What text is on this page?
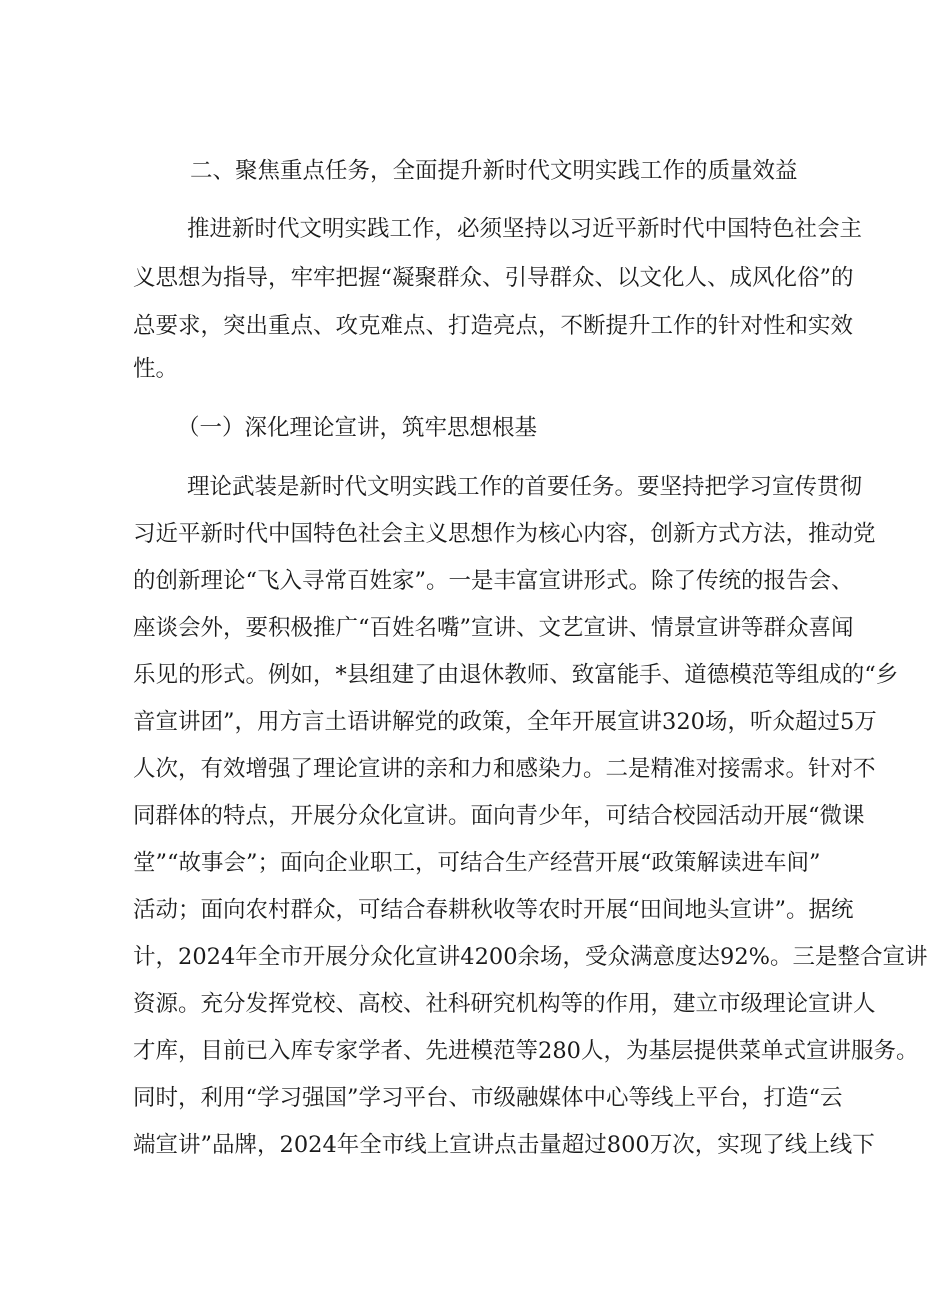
二、聚焦重点任务，全面提升新时代文明实践工作的质量效益
推进新时代文明实践工作，必须坚持以习近平新时代中国特色社会主
义思想为指导，牢牢把握“凝聚群众、引导群众、以文化人、成风化俗”的
总要求，突出重点、攻克难点、打造亮点，不断提升工作的针对性和实效
性。
（一）深化理论宣讲，筑牢思想根基
理论武装是新时代文明实践工作的首要任务。要坚持把学习宣传贯彻
习近平新时代中国特色社会主义思想作为核心内容，创新方式方法，推动党
的创新理论“飞入寻常百姓家”。一是丰富宣讲形式。除了传统的报告会、
座谈会外，要积极推广“百姓名嘴”宣讲、文艺宣讲、情景宣讲等群众喜闻
乐见的形式。例如，*县组建了由退休教师、致富能手、道德模范等组成的“乡
音宣讲团”，用方言土语讲解党的政策，全年开展宣讲320场，听众超过5万
人次，有效增强了理论宣讲的亲和力和感染力。二是精准对接需求。针对不
同群体的特点，开展分众化宣讲。面向青少年，可结合校园活动开展“微课
堂”“故事会”；面向企业职工，可结合生产经营开展“政策解读进车间”
活动；面向农村群众，可结合春耕秋收等农时开展“田间地头宣讲”。据统
计，2024年全市开展分众化宣讲4200余场，受众满意度达92%。三是整合宣讲
资源。充分发挥党校、高校、社科研究机构等的作用，建立市级理论宣讲人
才库，目前已入库专家学者、先进模范等280人，为基层提供菜单式宣讲服务。
同时，利用“学习强国”学习平台、市级融媒体中心等线上平台，打造“云
端宣讲”品牌，2024年全市线上宣讲点击量超过800万次，实现了线上线下
